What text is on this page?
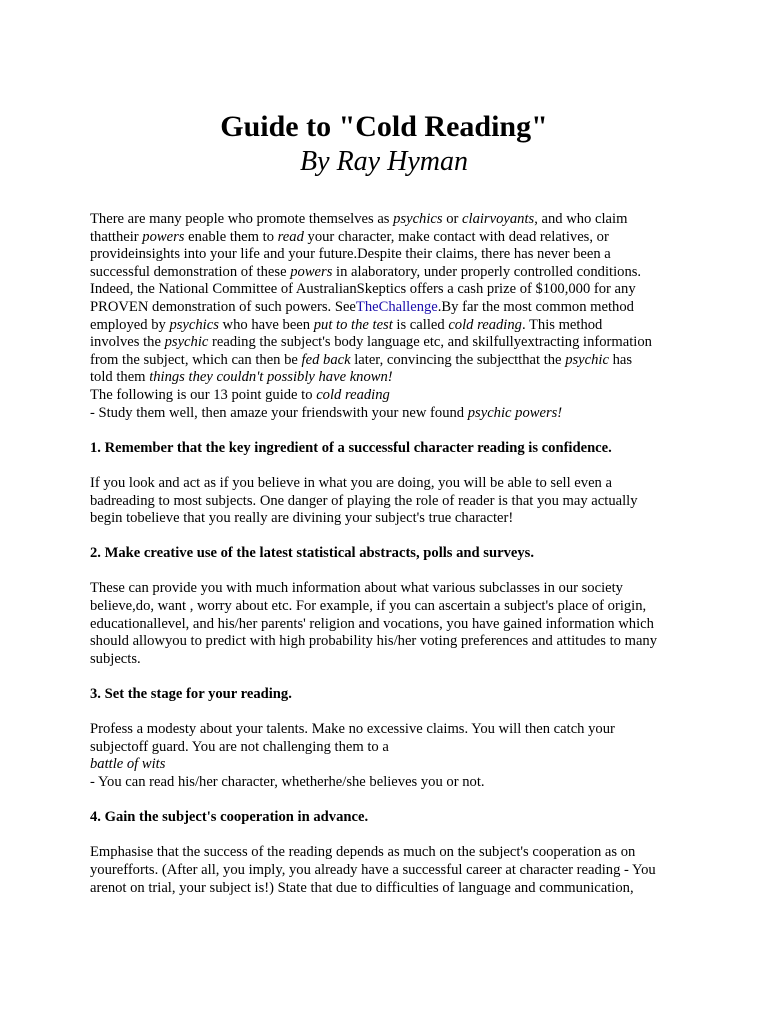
Guide to "Cold Reading"

By Ray Hyman

There are many people who promote themselves as psychics or clairvoyants, and who claim

thattheir powers enable them to read your character, make contact with dead relatives, or

provideinsights into your life and your future.Despite their claims, there has never been a

successful demonstration of these powers in alaboratory, under properly controlled conditions.

Indeed, the National Committee of AustralianSkeptics offers a cash prize of $100,000 for any

PROVEN demonstration of such powers. SeeTheChallenge.By far the most common method

employed by psychics who have been put to the test is called cold reading. This method

involves the psychic reading the subject's body language etc, and skilfullyextracting information

from the subject, which can then be fed back later, convincing the subjectthat the psychic has

told them things they couldn't possibly have known!

The following is our 13 point guide to cold reading

- Study them well, then amaze your friendswith your new found psychic powers!

1. Remember that the key ingredient of a successful character reading is confidence.

If you look and act as if you believe in what you are doing, you will be able to sell even a

badreading to most subjects. One danger of playing the role of reader is that you may actually

begin tobelieve that you really are divining your subject's true character!

2. Make creative use of the latest statistical abstracts, polls and surveys.

These can provide you with much information about what various subclasses in our society

believe,do, want , worry about etc. For example, if you can ascertain a subject's place of origin,

educationallevel, and his/her parents' religion and vocations, you have gained information which

should allowyou to predict with high probability his/her voting preferences and attitudes to many

subjects.

3. Set the stage for your reading.

Profess a modesty about your talents. Make no excessive claims. You will then catch your

subjectoff guard. You are not challenging them to a

battle of wits

- You can read his/her character, whetherhe/she believes you or not.

4. Gain the subject's cooperation in advance.

Emphasise that the success of the reading depends as much on the subject's cooperation as on

yourefforts. (After all, you imply, you already have a successful career at character reading - You

arenot on trial, your subject is!) State that due to difficulties of language and communication,
